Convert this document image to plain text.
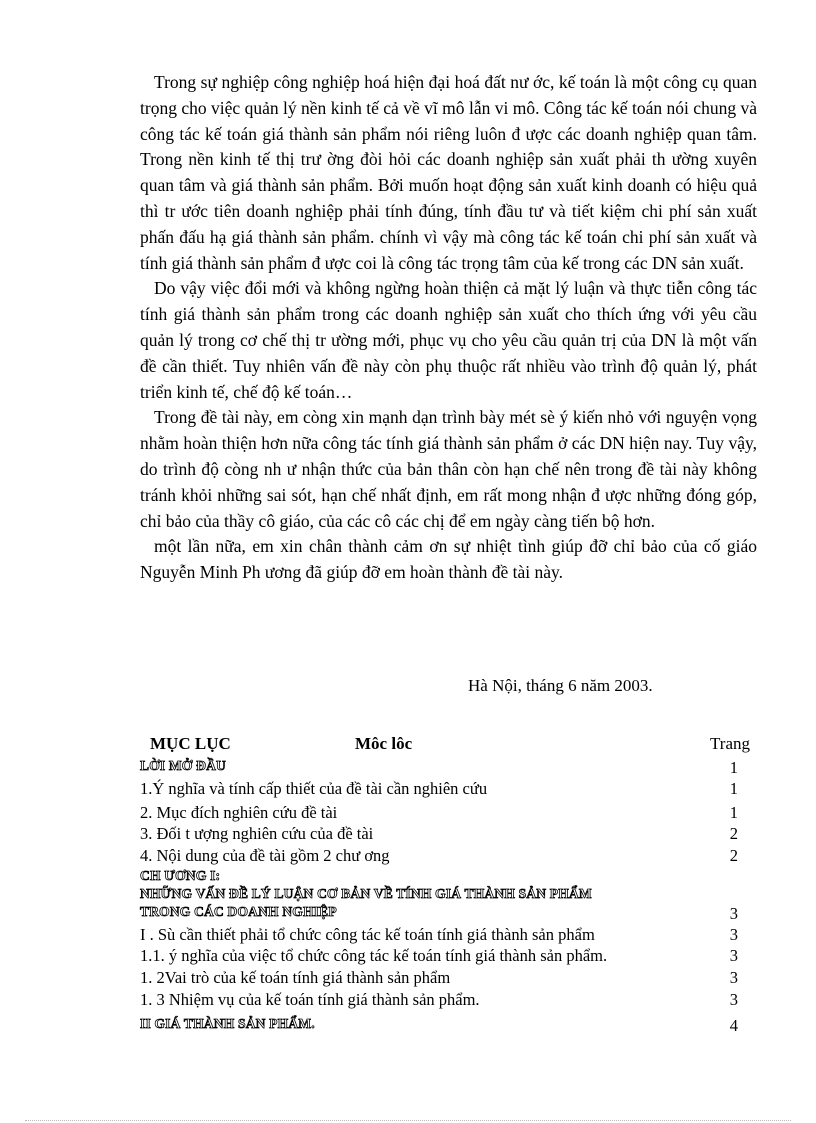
Trong sự nghiệp công nghiệp hoá hiện đại hoá đất nư ớc, kế toán là một công cụ quan trọng cho việc quản lý nền kinh tế cả về vĩ mô lẫn vi mô. Công tác kế toán nói chung và công tác kế toán giá thành sản phẩm nói riêng luôn đ ược các doanh nghiệp quan tâm. Trong nền kinh tế thị trư ờng đòi hỏi các doanh nghiệp sản xuất phải th ường xuyên quan tâm và giá thành sản phẩm. Bởi muốn hoạt động sản xuất kinh doanh có hiệu quả thì tr ước tiên doanh nghiệp phải tính đúng, tính đầu tư và tiết kiệm chi phí sản xuất phấn đấu hạ giá thành sản phẩm. chính vì vậy mà công tác kế toán chi phí sản xuất và tính giá thành sản phẩm đ ược coi là công tác trọng tâm của kế trong các DN sản xuất.

Do vậy việc đổi mới và không ngừng hoàn thiện cả mặt lý luận và thực tiễn công tác tính giá thành sản phẩm trong các doanh nghiệp sản xuất cho thích ứng với yêu cầu quản lý trong cơ chế thị tr ường mới, phục vụ cho yêu cầu quản trị của DN là một vấn đề cần thiết. Tuy nhiên vấn đề này còn phụ thuộc rất nhiều vào trình độ quản lý, phát triển kinh tế, chế độ kế toán…

Trong đề tài này, em còng xin mạnh dạn trình bày mét sè ý kiến nhỏ với nguyện vọng nhằm hoàn thiện hơn nữa công tác tính giá thành sản phẩm ở các DN hiện nay. Tuy vậy, do trình độ còng nh ư nhận thức của bản thân còn hạn chế nên trong đề tài này không tránh khỏi những sai sót, hạn chế nhất định, em rất mong nhận đ ược những đóng góp, chỉ bảo của thầy cô giáo, của các cô các chị để em ngày càng tiến bộ hơn.

một lần nữa, em xin chân thành cảm ơn sự nhiệt tình giúp đỡ chỉ bảo của cố giáo Nguyễn Minh Ph ương đã giúp đỡ em hoàn thành đề tài này.

Hà Nội, tháng 6 năm 2003.
MỤC LỤC	Môc lôc	Trang
LỜI MỞ ĐẦU	1
1.Ý nghĩa và tính cấp thiết của đề tài cần nghiên cứu	1
2. Mục đích nghiên cứu đề tài	1
3. Đối t ượng nghiên cứu của đề tài	2
4. Nội dung của đề tài gồm 2 chư ơng	2
CH ƯƠNG I:
NHỮNG VẤN ĐỀ LÝ LUẬN CƠ BẢN VỀ TÍNH GIÁ THÀNH SẢN PHẨM
TRONG CÁC DOANH NGHIỆP	3
I . Sù cần thiết phải tổ chức công tác kế toán tính giá thành sản phẩm	3
1.1. ý nghĩa của việc tổ chức công tác kế toán tính giá thành sản phẩm.	3
1. 2Vai trò của kế toán tính giá thành sản phẩm	3
1. 3 Nhiệm vụ của kế toán tính giá thành sản phẩm.	3
II GIÁ THÀNH SẢN PHẨM.	4
